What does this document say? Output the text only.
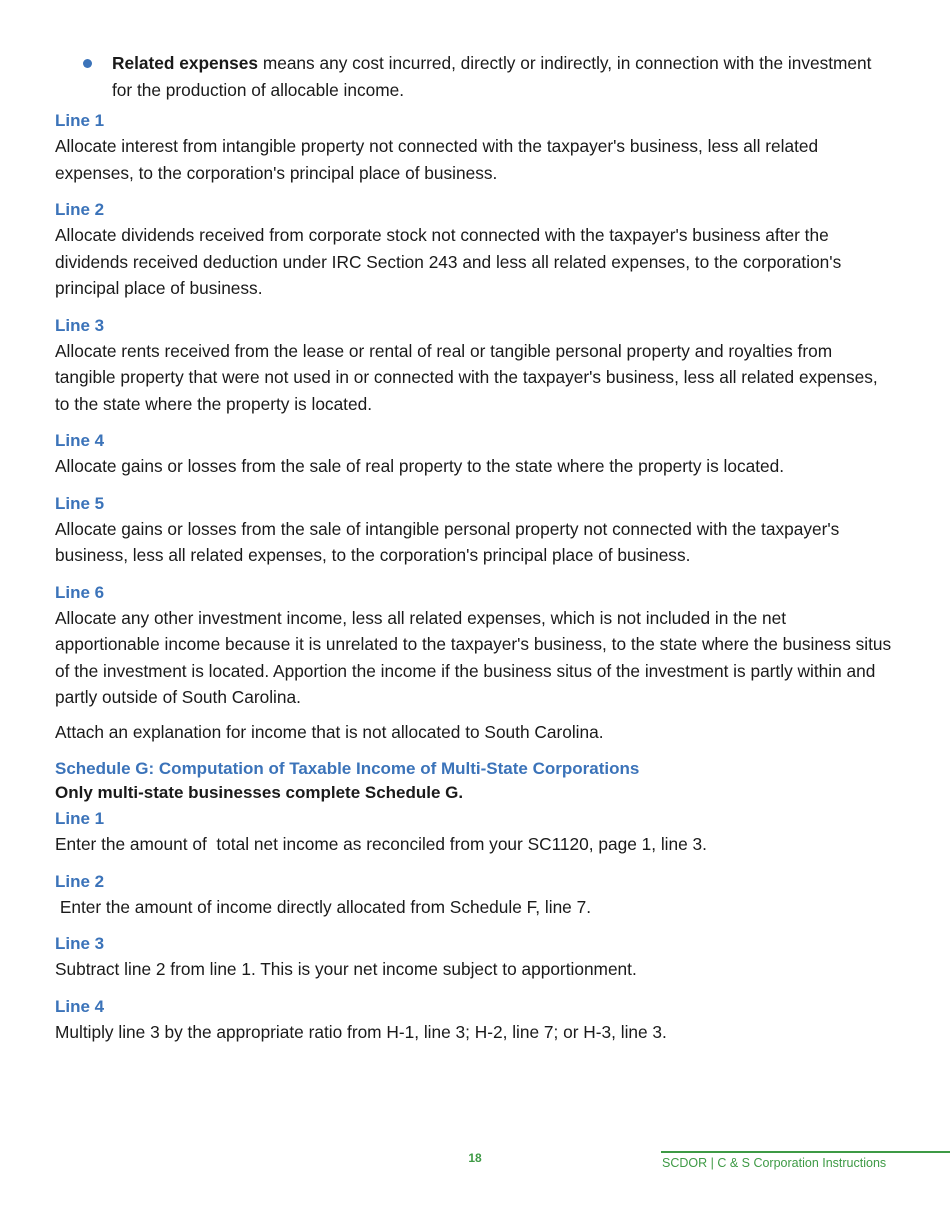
Related expenses means any cost incurred, directly or indirectly, in connection with the investment for the production of allocable income.

Line 1

Allocate interest from intangible property not connected with the taxpayer's business, less all related expenses, to the corporation's principal place of business.

Line 2

Allocate dividends received from corporate stock not connected with the taxpayer's business after the dividends received deduction under IRC Section 243 and less all related expenses, to the corporation's principal place of business.

Line 3

Allocate rents received from the lease or rental of real or tangible personal property and royalties from tangible property that were not used in or connected with the taxpayer's business, less all related expenses, to the state where the property is located.

Line 4

Allocate gains or losses from the sale of real property to the state where the property is located.

Line 5

Allocate gains or losses from the sale of intangible personal property not connected with the taxpayer's business, less all related expenses, to the corporation's principal place of business.

Line 6

Allocate any other investment income, less all related expenses, which is not included in the net apportionable income because it is unrelated to the taxpayer's business, to the state where the business situs of the investment is located. Apportion the income if the business situs of the investment is partly within and partly outside of South Carolina.

Attach an explanation for income that is not allocated to South Carolina.

Schedule G: Computation of Taxable Income of Multi-State Corporations

Only multi-state businesses complete Schedule G.

Line 1

Enter the amount of  total net income as reconciled from your SC1120, page 1, line 3.

Line 2

Enter the amount of income directly allocated from Schedule F, line 7.

Line 3

Subtract line 2 from line 1. This is your net income subject to apportionment.

Line 4

Multiply line 3 by the appropriate ratio from H-1, line 3; H-2, line 7; or H-3, line 3.

18	SCDOR | C & S Corporation Instructions
